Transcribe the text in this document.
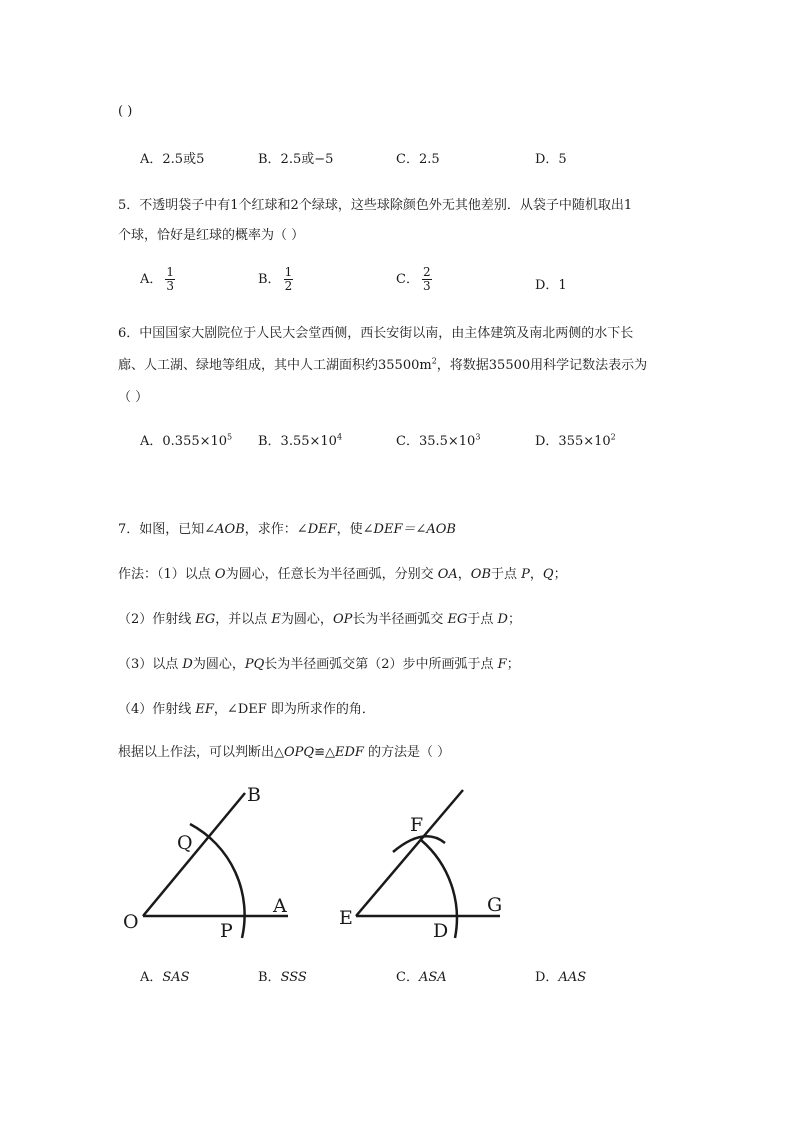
( )
A．2.5或5	B．2.5或−5	C．2.5	D．5
5．不透明袋子中有1个红球和2个绿球，这些球除颜色外无其他差别．从袋子中随机取出1
个球，恰好是红球的概率为（ ）
A． $\frac{1}{3}$	B． $\frac{1}{2}$	C． $\frac{2}{3}$	D．1
6．中国国家大剧院位于人民大会堂西侧，西长安街以南，由主体建筑及南北两侧的水下长
廊、人工湖、绿地等组成，其中人工湖面积约$35500m^2$，将数据35500用科学记数法表示为
（ ）
A．$0.355\times 10^5$ B．$3.55\times 10^4$	C．$35.5\times 10^3$	D．$355\times 10^2$
7．如图，已知∠AOB，求作：∠DEF，使∠DEF＝∠AOB
作法：（1）以点 O为圆心，任意长为半径画弧，分别交 OA，OB于点 P，Q；
（2）作射线 EG，并以点 E为圆心，OP长为半径画弧交 EG于点 D；
（3）以点 D为圆心，PQ长为半径画弧交第（2）步中所画弧于点 F；
（4）作射线 EF，∠DEF 即为所求作的角．
根据以上作法，可以判断出△OPQ≌△EDF 的方法是（ ）
B
Q
O	P
A
F
E
D
G
A．SAS	B．SSS	C．ASA	D．AAS
